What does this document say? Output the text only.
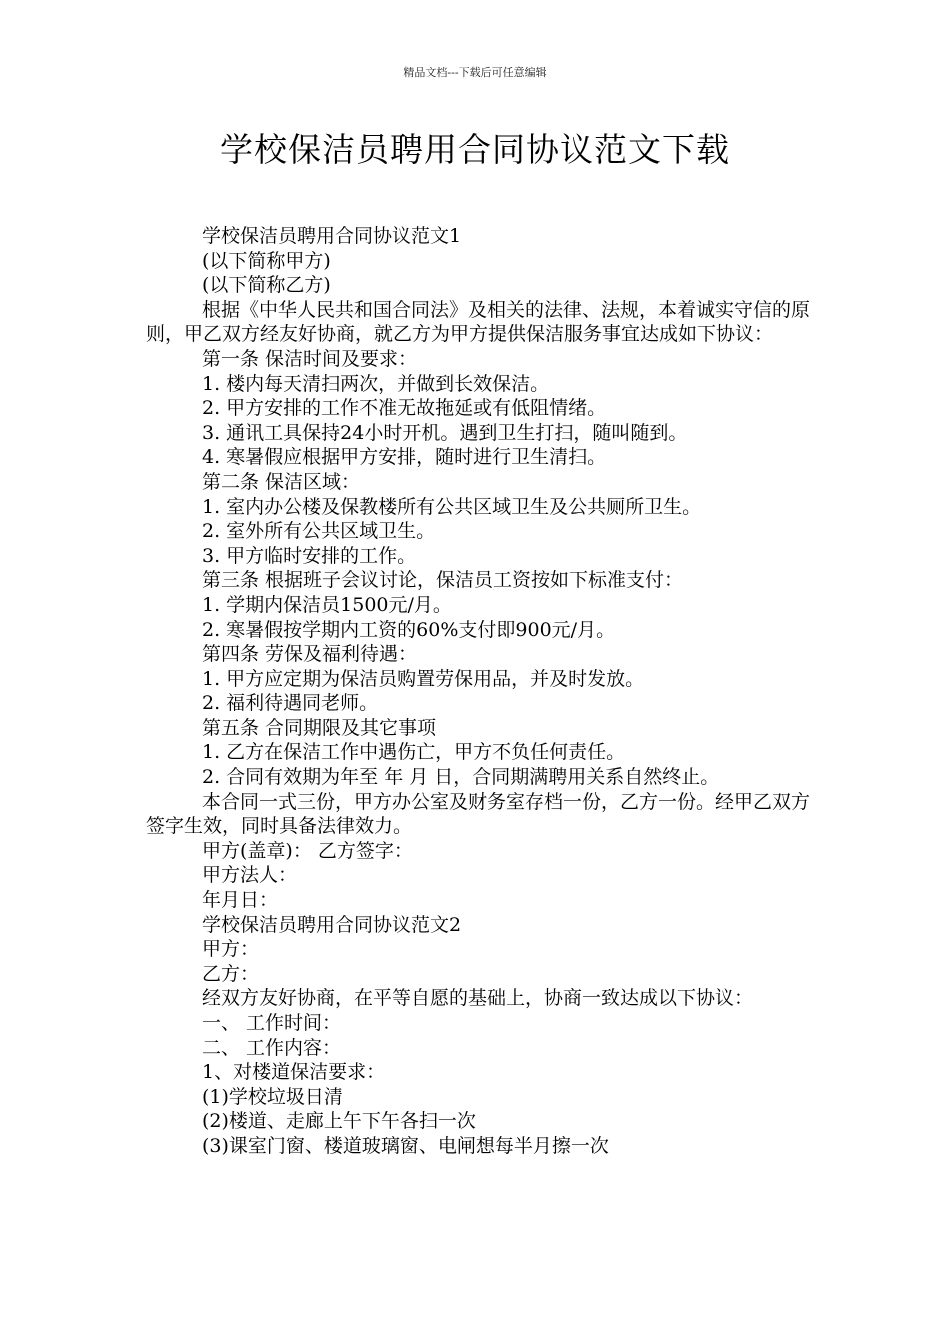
精品文档---下载后可任意编辑
学校保洁员聘用合同协议范文下载

学校保洁员聘用合同协议范文1

(以下简称甲方)

(以下简称乙方)

根据《中华人民共和国合同法》及相关的法律、法规，本着诚实守信的原则，甲乙双方经友好协商，就乙方为甲方提供保洁服务事宜达成如下协议：

第一条 保洁时间及要求：

1. 楼内每天清扫两次，并做到长效保洁。

2. 甲方安排的工作不准无故拖延或有低阻情绪。

3. 通讯工具保持24小时开机。遇到卫生打扫，随叫随到。

4. 寒暑假应根据甲方安排，随时进行卫生清扫。

第二条 保洁区域：

1. 室内办公楼及保教楼所有公共区域卫生及公共厕所卫生。

2. 室外所有公共区域卫生。

3. 甲方临时安排的工作。

第三条 根据班子会议讨论，保洁员工资按如下标准支付：

1. 学期内保洁员1500元/月。

2. 寒暑假按学期内工资的60%支付即900元/月。

第四条 劳保及福利待遇：

1. 甲方应定期为保洁员购置劳保用品，并及时发放。

2. 福利待遇同老师。

第五条 合同期限及其它事项

1. 乙方在保洁工作中遇伤亡，甲方不负任何责任。

2. 合同有效期为年至 年 月 日，合同期满聘用关系自然终止。

本合同一式三份，甲方办公室及财务室存档一份，乙方一份。经甲乙双方签字生效，同时具备法律效力。

甲方(盖章)： 乙方签字：

甲方法人：

年月日：

学校保洁员聘用合同协议范文2

甲方：

乙方：

经双方友好协商，在平等自愿的基础上，协商一致达成以下协议：

一、 工作时间：

二、 工作内容：

1、对楼道保洁要求：

(1)学校垃圾日清

(2)楼道、走廊上午下午各扫一次

(3)课室门窗、楼道玻璃窗、电闸想每半月擦一次
